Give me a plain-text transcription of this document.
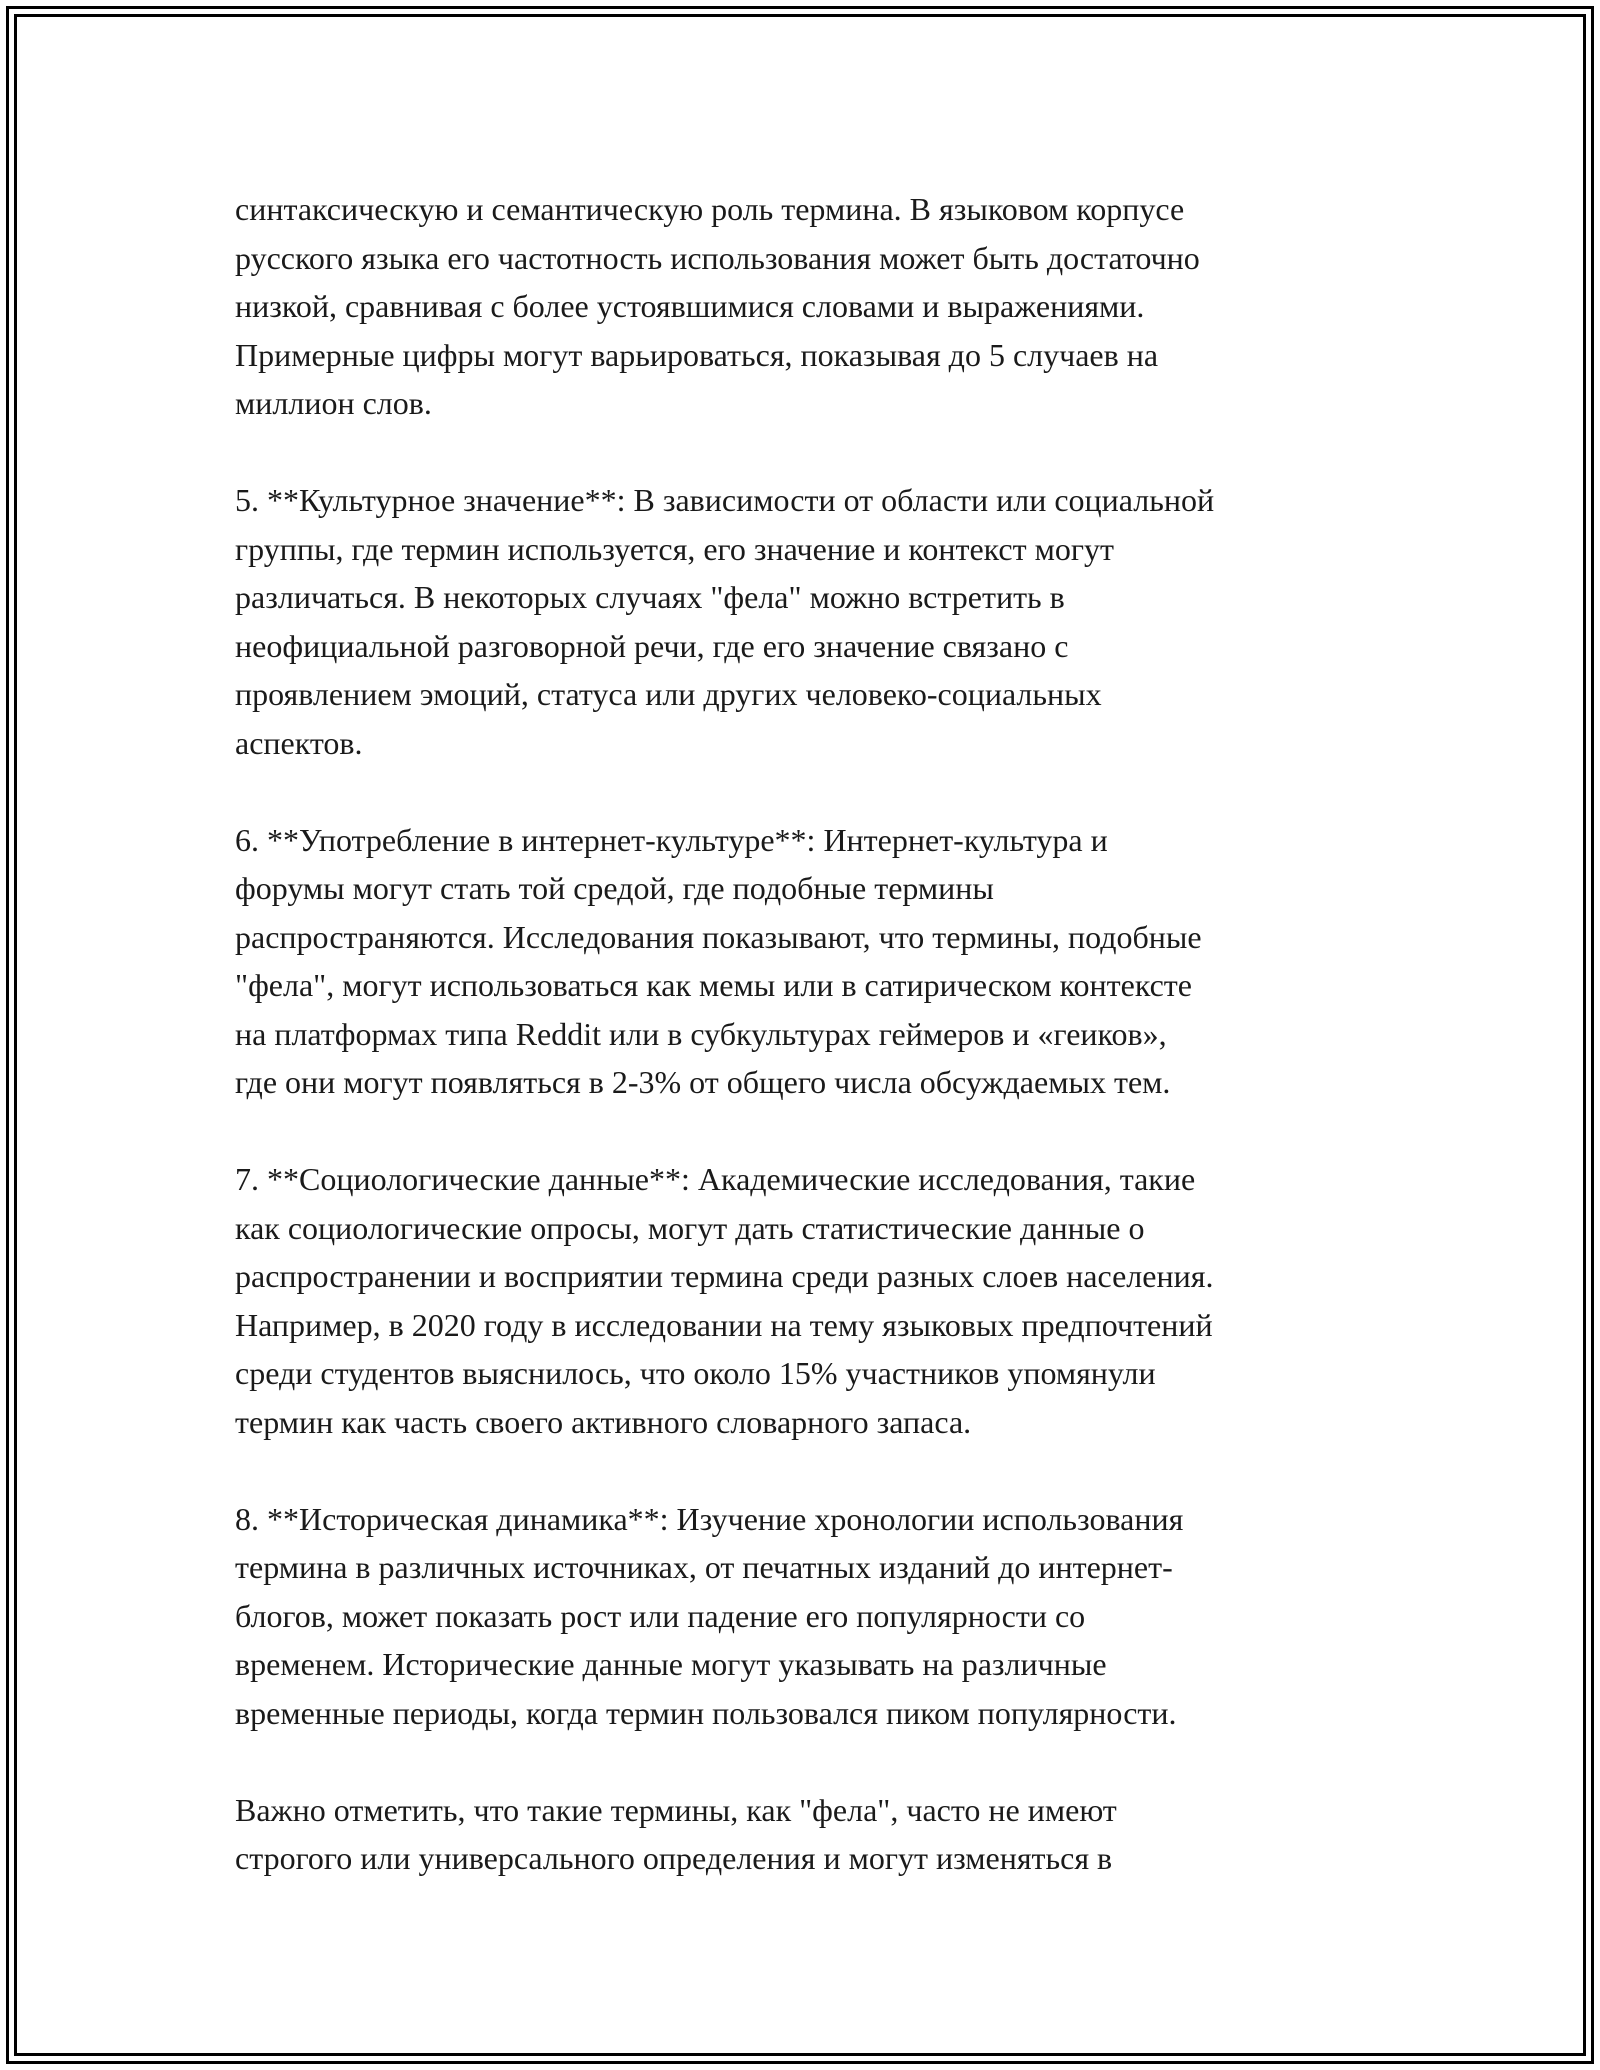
синтаксическую и семантическую роль термина. В языковом корпусе
русского языка его частотность использования может быть достаточно
низкой, сравнивая с более устоявшимися словами и выражениями.
Примерные цифры могут варьироваться, показывая до 5 случаев на
миллион слов.

5. **Культурное значение**: В зависимости от области или социальной
группы, где термин используется, его значение и контекст могут
различаться. В некоторых случаях "фела" можно встретить в
неофициальной разговорной речи, где его значение связано с
проявлением эмоций, статуса или других человеко-социальных
аспектов.

6. **Употребление в интернет-культуре**: Интернет-культура и
форумы могут стать той средой, где подобные термины
распространяются. Исследования показывают, что термины, подобные
"фела", могут использоваться как мемы или в сатирическом контексте
на платформах типа Reddit или в субкультурах геймеров и «геиков»,
где они могут появляться в 2-3% от общего числа обсуждаемых тем.

7. **Социологические данные**: Академические исследования, такие
как социологические опросы, могут дать статистические данные о
распространении и восприятии термина среди разных слоев населения.
Например, в 2020 году в исследовании на тему языковых предпочтений
среди студентов выяснилось, что около 15% участников упомянули
термин как часть своего активного словарного запаса.

8. **Историческая динамика**: Изучение хронологии использования
термина в различных источниках, от печатных изданий до интернет-
блогов, может показать рост или падение его популярности со
временем. Исторические данные могут указывать на различные
временные периоды, когда термин пользовался пиком популярности.

Важно отметить, что такие термины, как "фела", часто не имеют
строгого или универсального определения и могут изменяться в
